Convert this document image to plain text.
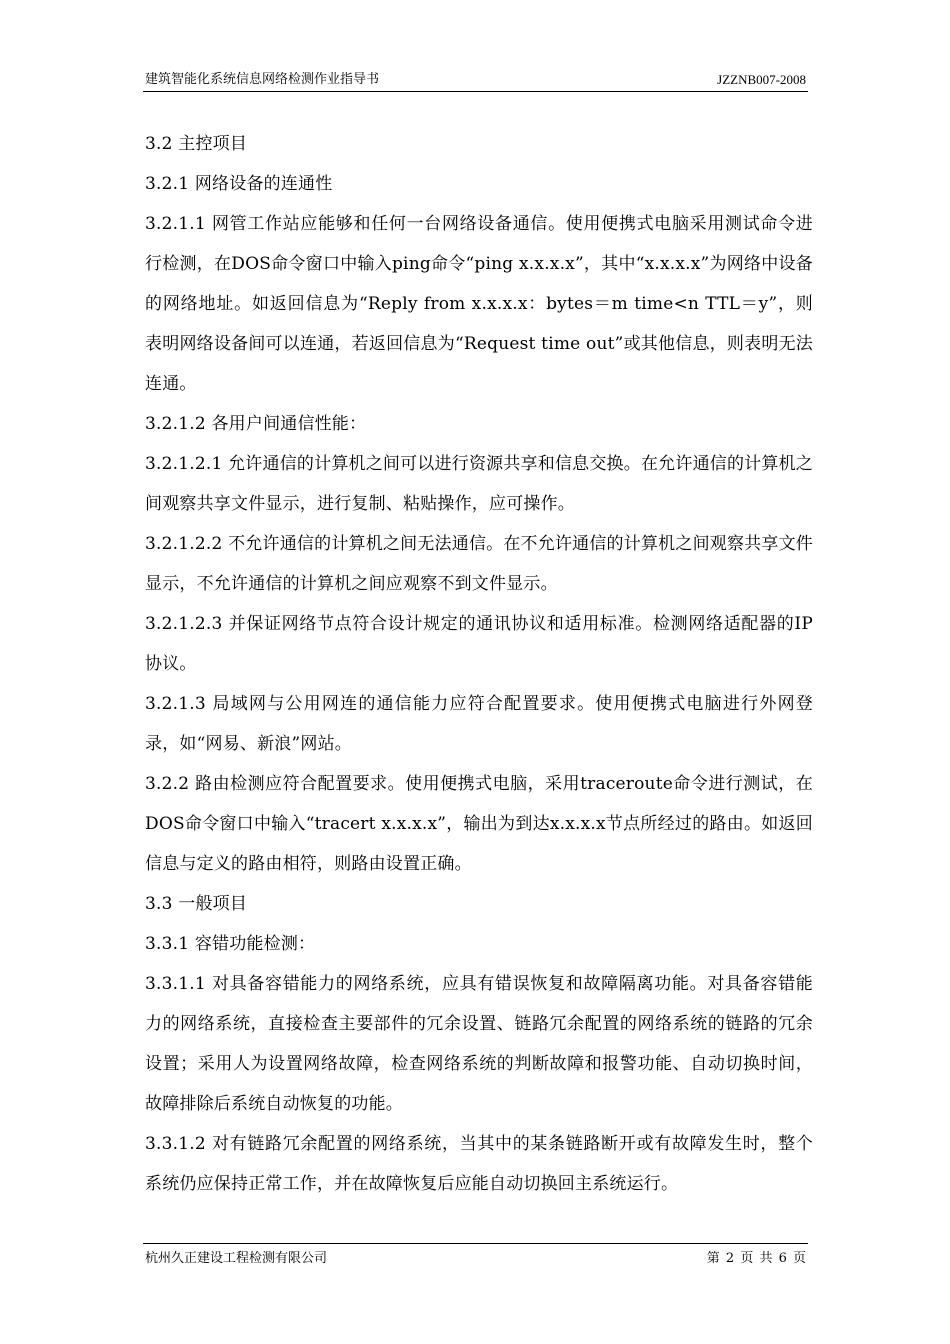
建筑智能化系统信息网络检测作业指导书	JZZNB007-2008

3.2 主控项目

3.2.1 网络设备的连通性

3.2.1.1 网管工作站应能够和任何一台网络设备通信。使用便携式电脑采用测试命令进行检测，在DOS命令窗口中输入ping命令“ping x.x.x.x”，其中“x.x.x.x”为网络中设备的网络地址。如返回信息为“Reply from x.x.x.x：bytes＝m time<n TTL＝y”，则表明网络设备间可以连通，若返回信息为“Request time out”或其他信息，则表明无法连通。

3.2.1.2 各用户间通信性能：

3.2.1.2.1 允许通信的计算机之间可以进行资源共享和信息交换。在允许通信的计算机之间观察共享文件显示，进行复制、粘贴操作，应可操作。

3.2.1.2.2 不允许通信的计算机之间无法通信。在不允许通信的计算机之间观察共享文件显示，不允许通信的计算机之间应观察不到文件显示。

3.2.1.2.3 并保证网络节点符合设计规定的通讯协议和适用标准。检测网络适配器的IP协议。

3.2.1.3 局域网与公用网连的通信能力应符合配置要求。使用便携式电脑进行外网登录，如“网易、新浪”网站。

3.2.2 路由检测应符合配置要求。使用便携式电脑，采用traceroute命令进行测试，在DOS命令窗口中输入“tracert x.x.x.x”，输出为到达x.x.x.x节点所经过的路由。如返回信息与定义的路由相符，则路由设置正确。

3.3 一般项目

3.3.1 容错功能检测：

3.3.1.1 对具备容错能力的网络系统，应具有错误恢复和故障隔离功能。对具备容错能力的网络系统，直接检查主要部件的冗余设置、链路冗余配置的网络系统的链路的冗余设置；采用人为设置网络故障，检查网络系统的判断故障和报警功能、自动切换时间，故障排除后系统自动恢复的功能。

3.3.1.2 对有链路冗余配置的网络系统，当其中的某条链路断开或有故障发生时，整个系统仍应保持正常工作，并在故障恢复后应能自动切换回主系统运行。

杭州久正建设工程检测有限公司	第 2 页 共 6 页
